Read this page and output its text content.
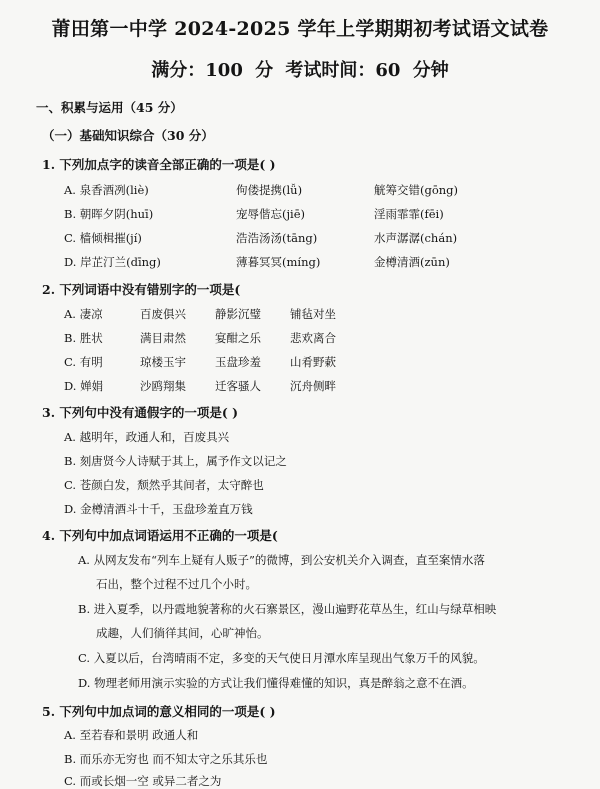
莆田第一中学 2024-2025 学年上学期期初考试语文试卷
满分：100 分 考试时间：60 分钟
一、积累与运用（45 分）
（一）基础知识综合（30 分）
1. 下列加点字的读音全部正确的一项是( )
A. 泉香酒冽(liè)	佝偻提携(lǚ)	觥筹交错(gōng)
B. 朝晖夕阴(huī)	宠辱偕忘(jiē)	淫雨霏霏(fēi)
C. 樯倾楫摧(jí)	浩浩汤汤(tāng)	水声潺潺(chán)
D. 岸芷汀兰(dīng)	薄暮冥冥(míng)	金樽清酒(zūn)
2. 下列词语中没有错别字的一项是(
A. 凄凉	百废俱兴	静影沉璧	铺毡对坐
B. 胜状	满目肃然	宴酣之乐	悲欢离合
C. 有明	琼楼玉宇	玉盘珍羞	山肴野蔌
D. 婵娟	沙鸥翔集	迁客骚人	沉舟侧畔
3. 下列句中没有通假字的一项是( )
A. 越明年，政通人和，百废具兴
B. 刻唐贤今人诗赋于其上，属予作文以记之
C. 苍颜白发，颓然乎其间者，太守醉也
D. 金樽清酒斗十千，玉盘珍羞直万钱
4. 下列句中加点词语运用不正确的一项是(
A. 从网友发布“列车上疑有人贩子”的微博，到公安机关介入调查，直至案情水落
石出，整个过程不过几个小时。
B. 进入夏季，以丹霞地貌著称的火石寨景区，漫山遍野花草丛生，红山与绿草相映
成趣，人们徜徉其间，心旷神怡。
C. 入夏以后，台湾晴雨不定，多变的天气使日月潭水库呈现出气象万千的风貌。
D. 物理老师用演示实验的方式让我们懂得难懂的知识，真是醉翁之意不在酒。
5. 下列句中加点词的意义相同的一项是( )
A. 至若春和景明 政通人和
B. 而乐亦无穷也 而不知太守之乐其乐也
C. 而或长烟一空 或异二者之为
